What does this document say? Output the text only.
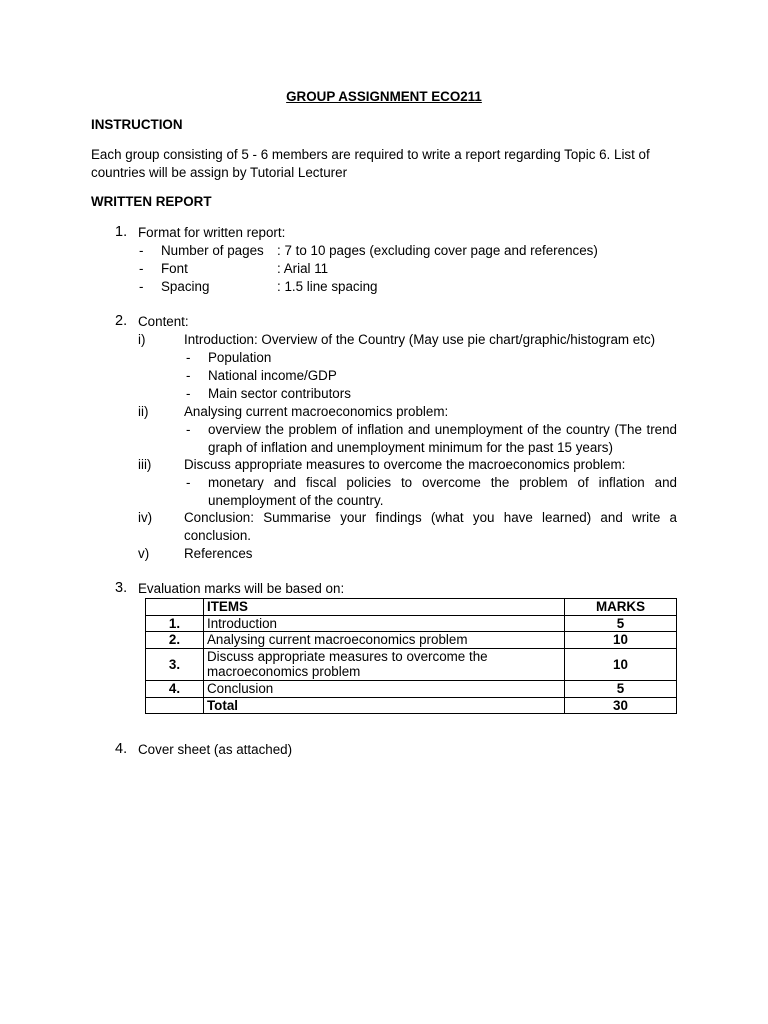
GROUP ASSIGNMENT ECO211
INSTRUCTION
Each group consisting of 5 - 6 members are required to write a report regarding Topic 6. List of countries will be assign by Tutorial Lecturer
WRITTEN REPORT
1. Format for written report:
- Number of pages : 7 to 10 pages (excluding cover page and references)
- Font	: Arial 11
- Spacing	: 1.5 line spacing
2. Content:
i)	Introduction: Overview of the Country (May use pie chart/graphic/histogram etc)
- Population
- National income/GDP
- Main sector contributors
ii)	Analysing current macroeconomics problem:
- overview the problem of inflation and unemployment of the country (The trend graph of inflation and unemployment minimum for the past 15 years)
iii) Discuss appropriate measures to overcome the macroeconomics problem:
- monetary and fiscal policies to overcome the problem of inflation and unemployment of the country.
iv) Conclusion: Summarise your findings (what you have learned) and write a conclusion.
v)	References
3. Evaluation marks will be based on:
	ITEMS	MARKS
1.	Introduction	5
2.	Analysing current macroeconomics problem	10
3.	Discuss appropriate measures to overcome the macroeconomics problem	10
4.	Conclusion	5
	Total	30
4. Cover sheet (as attached)
